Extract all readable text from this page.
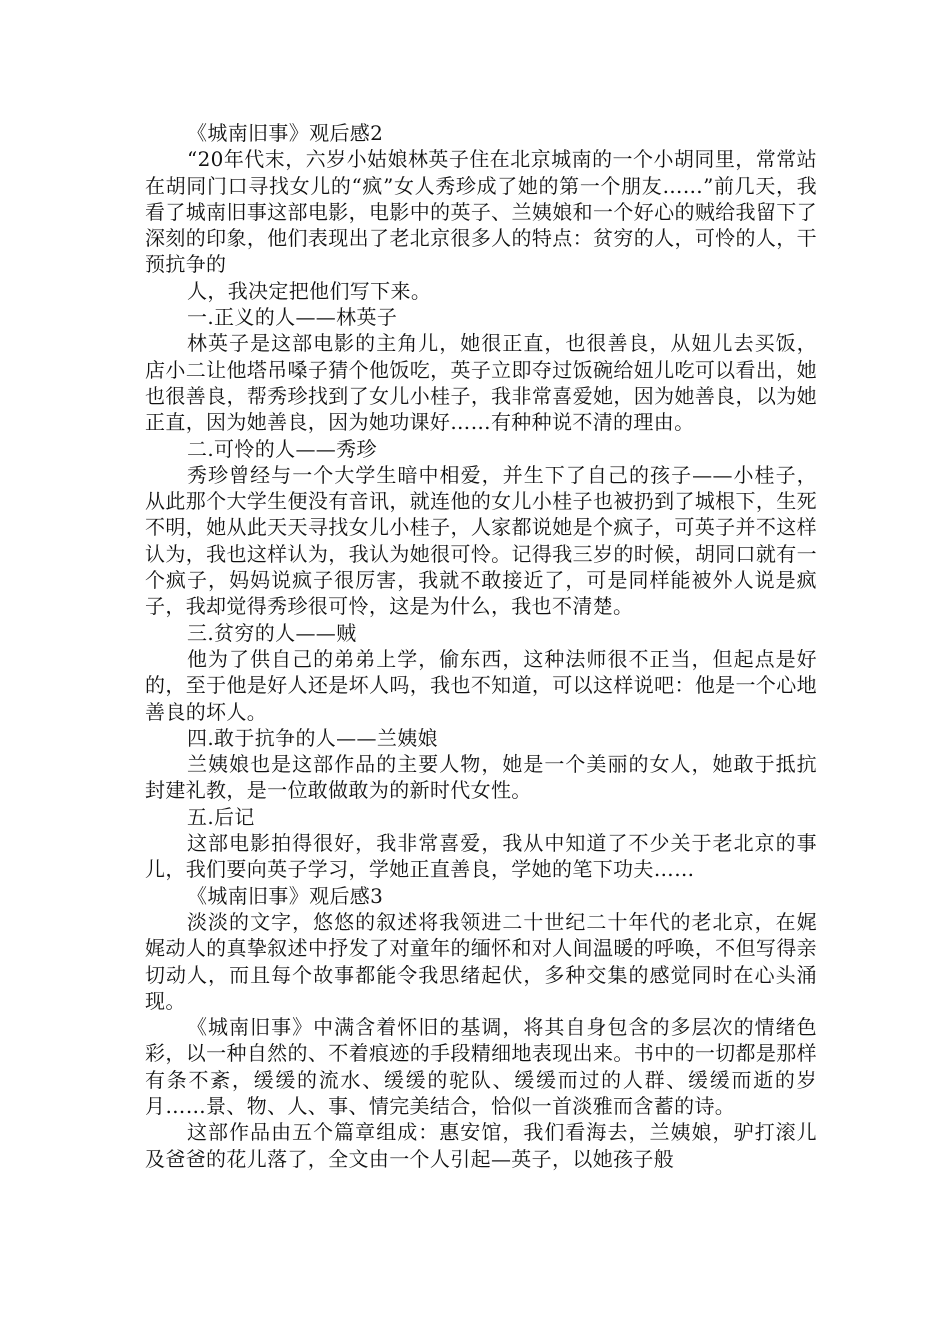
《城南旧事》观后感2

“20年代末，六岁小姑娘林英子住在北京城南的一个小胡同里，常常站在胡同门口寻找女儿的“疯”女人秀珍成了她的第一个朋友……”前几天，我看了城南旧事这部电影，电影中的英子、兰姨娘和一个好心的贼给我留下了深刻的印象，他们表现出了老北京很多人的特点：贫穷的人，可怜的人，干预抗争的

人，我决定把他们写下来。

一.正义的人——林英子

林英子是这部电影的主角儿，她很正直，也很善良，从妞儿去买饭，店小二让他塔吊嗓子猜个他饭吃，英子立即夺过饭碗给妞儿吃可以看出，她也很善良，帮秀珍找到了女儿小桂子，我非常喜爱她，因为她善良，以为她正直，因为她善良，因为她功课好……有种种说不清的理由。

二.可怜的人——秀珍

秀珍曾经与一个大学生暗中相爱，并生下了自己的孩子——小桂子，从此那个大学生便没有音讯，就连他的女儿小桂子也被扔到了城根下，生死不明，她从此天天寻找女儿小桂子，人家都说她是个疯子，可英子并不这样认为，我也这样认为，我认为她很可怜。记得我三岁的时候，胡同口就有一个疯子，妈妈说疯子很厉害，我就不敢接近了，可是同样能被外人说是疯子，我却觉得秀珍很可怜，这是为什么，我也不清楚。

三.贫穷的人——贼

他为了供自己的弟弟上学，偷东西，这种法师很不正当，但起点是好的，至于他是好人还是坏人吗，我也不知道，可以这样说吧：他是一个心地善良的坏人。

四.敢于抗争的人——兰姨娘

兰姨娘也是这部作品的主要人物，她是一个美丽的女人，她敢于抵抗封建礼教，是一位敢做敢为的新时代女性。

五.后记

这部电影拍得很好，我非常喜爱，我从中知道了不少关于老北京的事儿，我们要向英子学习，学她正直善良，学她的笔下功夫……

《城南旧事》观后感3

淡淡的文字，悠悠的叙述将我领进二十世纪二十年代的老北京，在娓娓动人的真挚叙述中抒发了对童年的缅怀和对人间温暖的呼唤，不但写得亲切动人，而且每个故事都能令我思绪起伏，多种交集的感觉同时在心头涌现。

《城南旧事》中满含着怀旧的基调，将其自身包含的多层次的情绪色彩，以一种自然的、不着痕迹的手段精细地表现出来。书中的一切都是那样有条不紊，缓缓的流水、缓缓的驼队、缓缓而过的人群、缓缓而逝的岁月……景、物、人、事、情完美结合，恰似一首淡雅而含蓄的诗。

这部作品由五个篇章组成：惠安馆，我们看海去，兰姨娘，驴打滚儿及爸爸的花儿落了，全文由一个人引起—英子，以她孩子般
